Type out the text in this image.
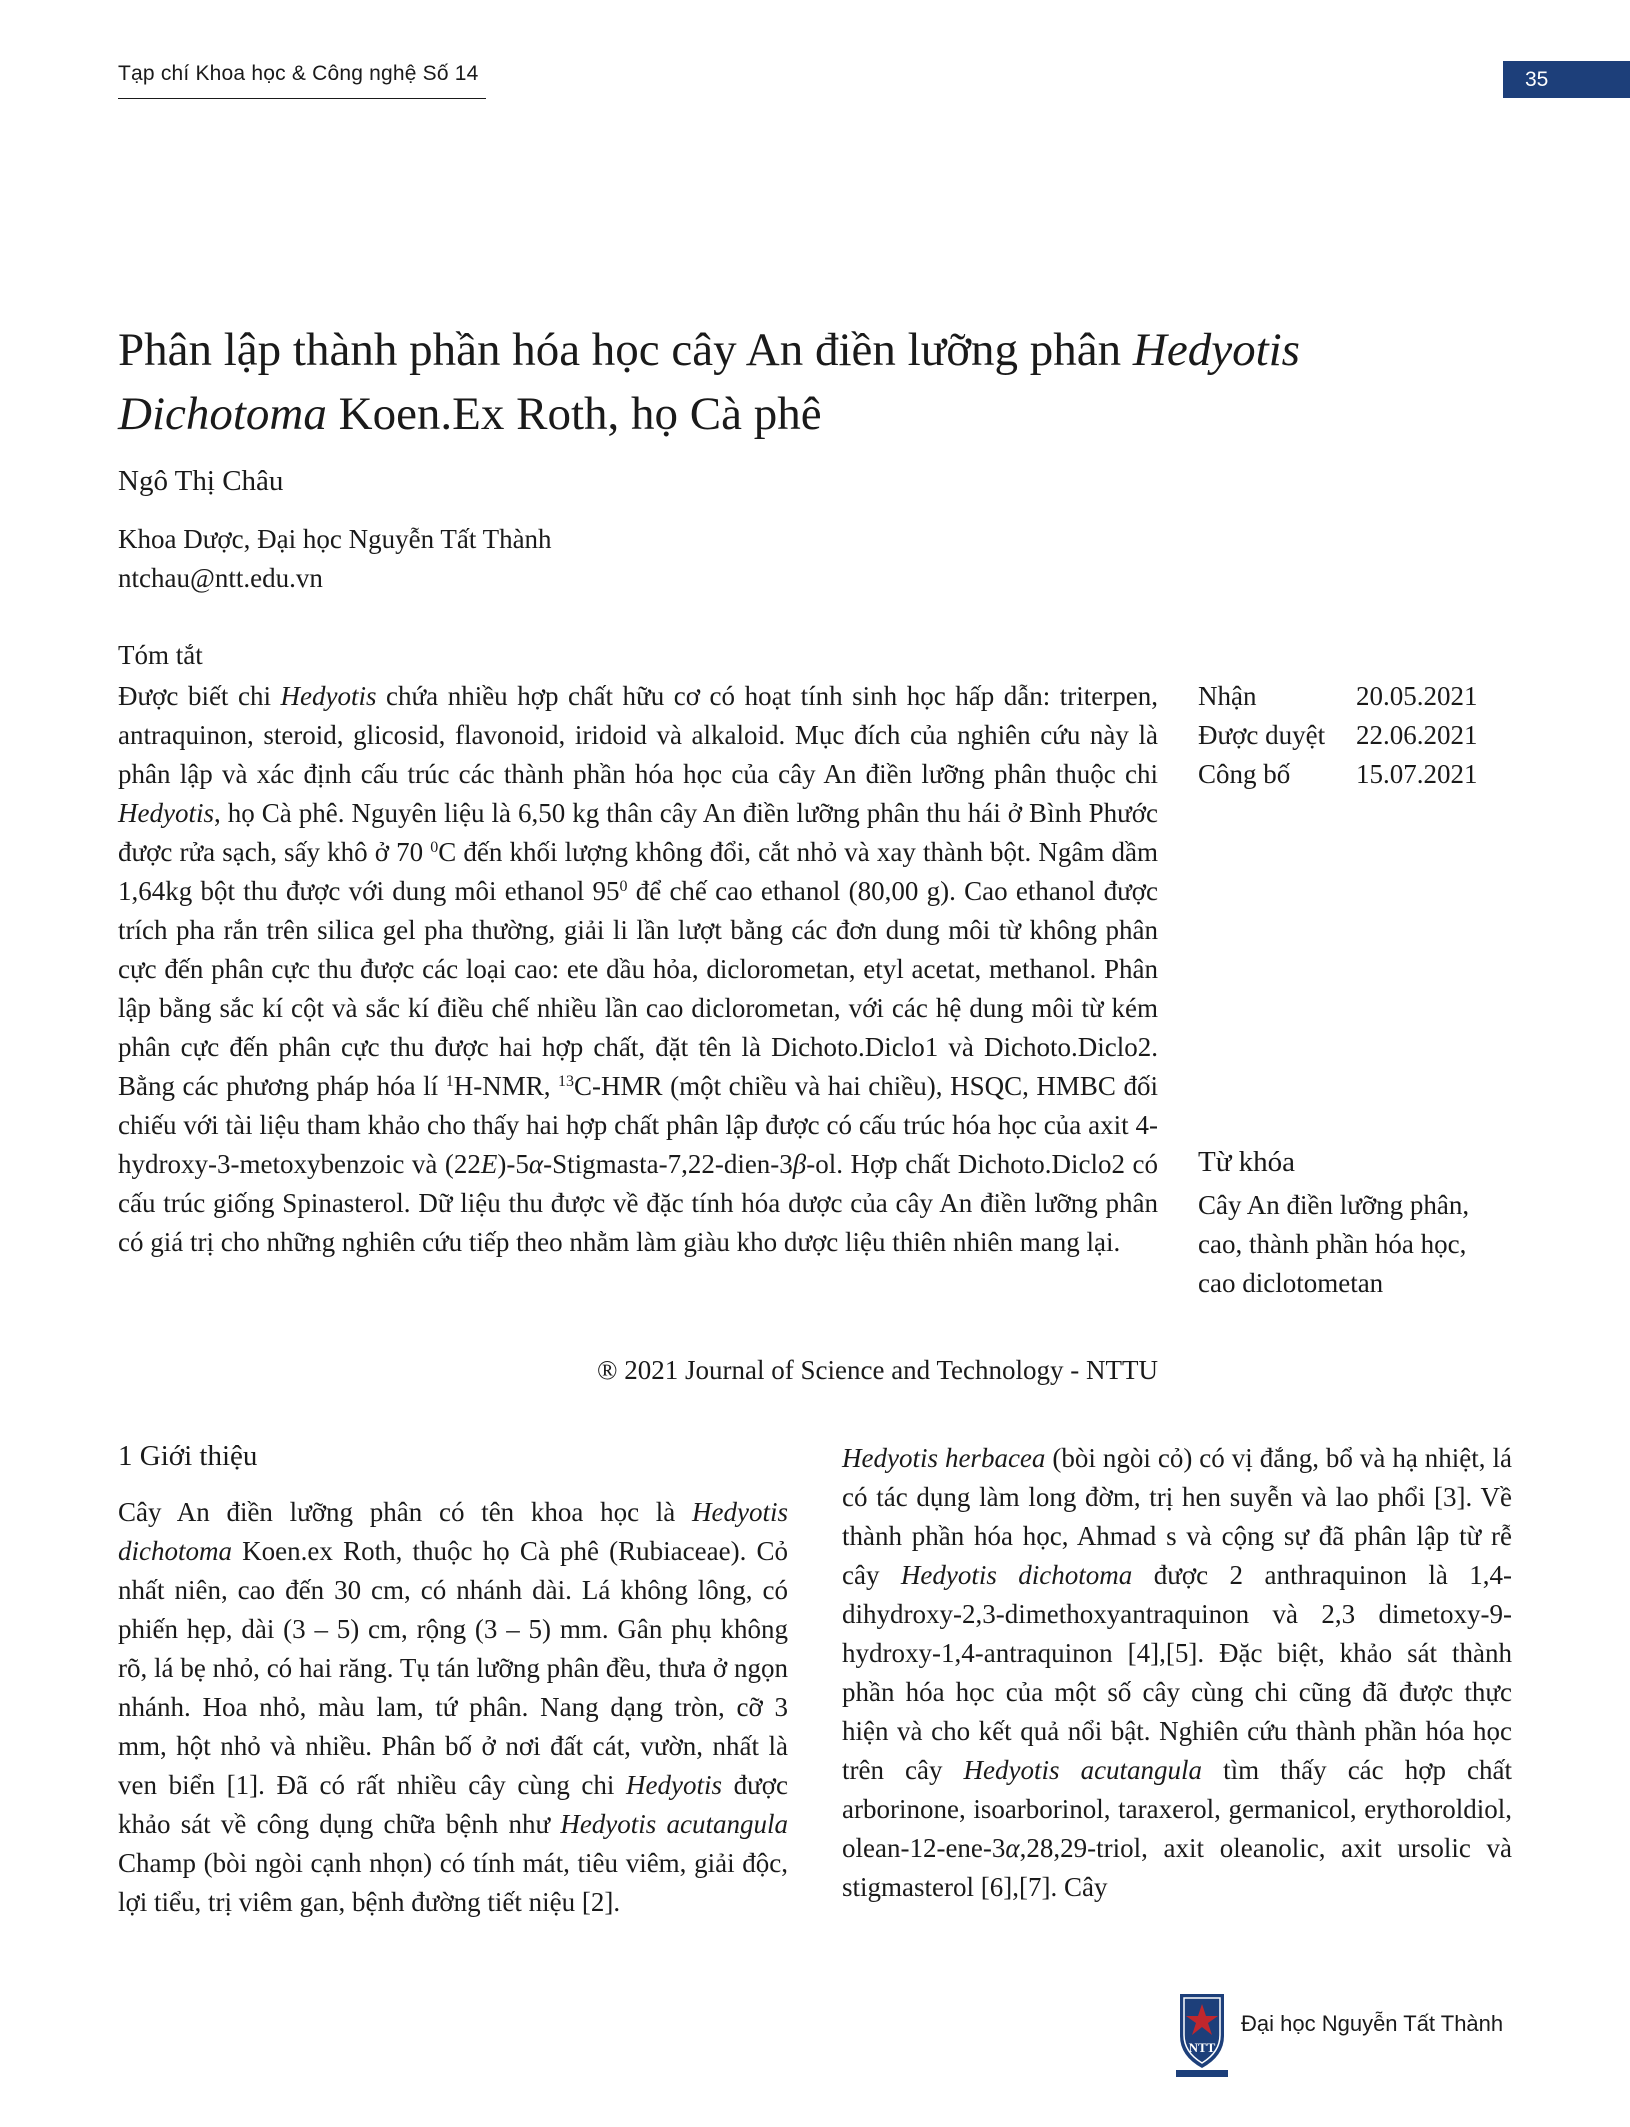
Tạp chí Khoa học & Công nghệ Số 14	35
Phân lập thành phần hóa học cây An điền lưỡng phân Hedyotis
Dichotoma Koen.Ex Roth, họ Cà phê
Ngô Thị Châu
Khoa Dược, Đại học Nguyễn Tất Thành
ntchau@ntt.edu.vn
Tóm tắt

Được biết chi Hedyotis chứa nhiều hợp chất hữu cơ có hoạt tính sinh học hấp dẫn: triterpen, antraquinon, steroid, glicosid, flavonoid, iridoid và alkaloid. Mục đích của nghiên cứu này là phân lập và xác định cấu trúc các thành phần hóa học của cây An điền lưỡng phân thuộc chi Hedyotis, họ Cà phê. Nguyên liệu là 6,50 kg thân cây An điền lưỡng phân thu hái ở Bình Phước được rửa sạch, sấy khô ở 70 $^0$C đến khối lượng không đổi, cắt nhỏ và xay thành bột. Ngâm dầm 1,64kg bột thu được với dung môi ethanol $95^0$ để chế cao ethanol (80,00 g). Cao ethanol được trích pha rắn trên silica gel pha thường, giải li lần lượt bằng các đơn dung môi từ không phân cực đến phân cực thu được các loại cao: ete dầu hỏa, diclorometan, etyl acetat, methanol. Phân lập bằng sắc kí cột và sắc kí điều chế nhiều lần cao diclorometan, với các hệ dung môi từ kém phân cực đến phân cực thu được hai hợp chất, đặt tên là Dichoto.Diclo1 và Dichoto.Diclo2. Bằng các phương pháp hóa lí $^1$H-NMR, $^{13}$C-HMR (một chiều và hai chiều), HSQC, HMBC đối chiếu với tài liệu tham khảo cho thấy hai hợp chất phân lập được có cấu trúc hóa học của axit 4-hydroxy-3-metoxybenzoic và (22E)-5α-Stigmasta-7,22-dien-3β-ol. Hợp chất Dichoto.Diclo2 có cấu trúc giống Spinasterol. Dữ liệu thu được về đặc tính hóa dược của cây An điền lưỡng phân có giá trị cho những nghiên cứu tiếp theo nhằm làm giàu kho dược liệu thiên nhiên mang lại.

® 2021 Journal of Science and Technology - NTTU
Nhận	20.05.2021
Được duyệt	22.06.2021
Công bố	15.07.2021
Từ khóa
Cây An điền lưỡng phân, cao, thành phần hóa học, cao diclotometan
1 Giới thiệu

Cây An điền lưỡng phân có tên khoa học là Hedyotis dichotoma Koen.ex Roth, thuộc họ Cà phê (Rubiaceae). Cỏ nhất niên, cao đến 30 cm, có nhánh dài. Lá không lông, có phiến hẹp, dài (3 – 5) cm, rộng (3 – 5) mm. Gân phụ không rõ, lá bẹ nhỏ, có hai răng. Tụ tán lưỡng phân đều, thưa ở ngọn nhánh. Hoa nhỏ, màu lam, tứ phân. Nang dạng tròn, cỡ 3 mm, hột nhỏ và nhiều. Phân bố ở nơi đất cát, vườn, nhất là ven biển [1]. Đã có rất nhiều cây cùng chi Hedyotis được khảo sát về công dụng chữa bệnh như Hedyotis acutangula Champ (bòi ngòi cạnh nhọn) có tính mát, tiêu viêm, giải độc, lợi tiểu, trị viêm gan, bệnh đường tiết niệu [2].

Hedyotis herbacea (bòi ngòi cỏ) có vị đắng, bổ và hạ nhiệt, lá có tác dụng làm long đờm, trị hen suyễn và lao phổi [3]. Về thành phần hóa học, Ahmad s và cộng sự đã phân lập từ rễ cây Hedyotis dichotoma được 2 anthraquinon là 1,4-dihydroxy-2,3-dimethoxyantraquinon và 2,3 dimetoxy-9-hydroxy-1,4-antraquinon [4],[5]. Đặc biệt, khảo sát thành phần hóa học của một số cây cùng chi cũng đã được thực hiện và cho kết quả nổi bật. Nghiên cứu thành phần hóa học trên cây Hedyotis acutangula tìm thấy các hợp chất arborinone, isoarborinol, taraxerol, germanicol, erythoroldiol, olean-12-ene-3α,28,29-triol, axit oleanolic, axit ursolic và stigmasterol [6],[7]. Cây

NTT
Đại học Nguyễn Tất Thành
